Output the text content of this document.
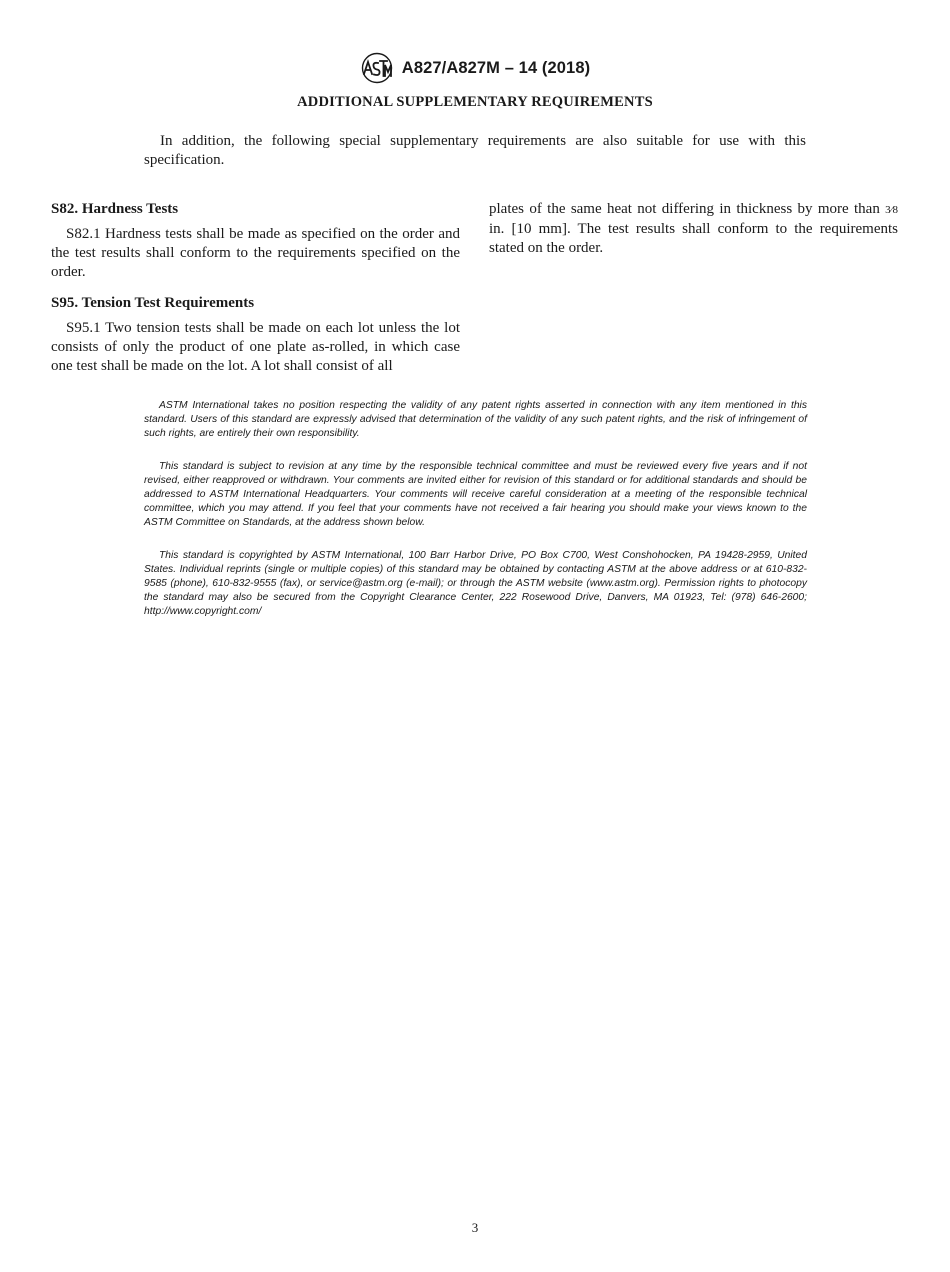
A827/A827M – 14 (2018)
ADDITIONAL SUPPLEMENTARY REQUIREMENTS

In addition, the following special supplementary requirements are also suitable for use with this specification.

S82. Hardness Tests

S82.1 Hardness tests shall be made as specified on the order and the test results shall conform to the requirements specified on the order.

S95. Tension Test Requirements

S95.1 Two tension tests shall be made on each lot unless the lot consists of only the product of one plate as-rolled, in which case one test shall be made on the lot. A lot shall consist of all

plates of the same heat not differing in thickness by more than 3⁄8 in. [10 mm]. The test results shall conform to the requirements stated on the order.

ASTM International takes no position respecting the validity of any patent rights asserted in connection with any item mentioned in this standard. Users of this standard are expressly advised that determination of the validity of any such patent rights, and the risk of infringement of such rights, are entirely their own responsibility.

This standard is subject to revision at any time by the responsible technical committee and must be reviewed every five years and if not revised, either reapproved or withdrawn. Your comments are invited either for revision of this standard or for additional standards and should be addressed to ASTM International Headquarters. Your comments will receive careful consideration at a meeting of the responsible technical committee, which you may attend. If you feel that your comments have not received a fair hearing you should make your views known to the ASTM Committee on Standards, at the address shown below.

This standard is copyrighted by ASTM International, 100 Barr Harbor Drive, PO Box C700, West Conshohocken, PA 19428-2959, United States. Individual reprints (single or multiple copies) of this standard may be obtained by contacting ASTM at the above address or at 610-832-9585 (phone), 610-832-9555 (fax), or service@astm.org (e-mail); or through the ASTM website (www.astm.org). Permission rights to photocopy the standard may also be secured from the Copyright Clearance Center, 222 Rosewood Drive, Danvers, MA 01923, Tel: (978) 646-2600; http://www.copyright.com/

3
